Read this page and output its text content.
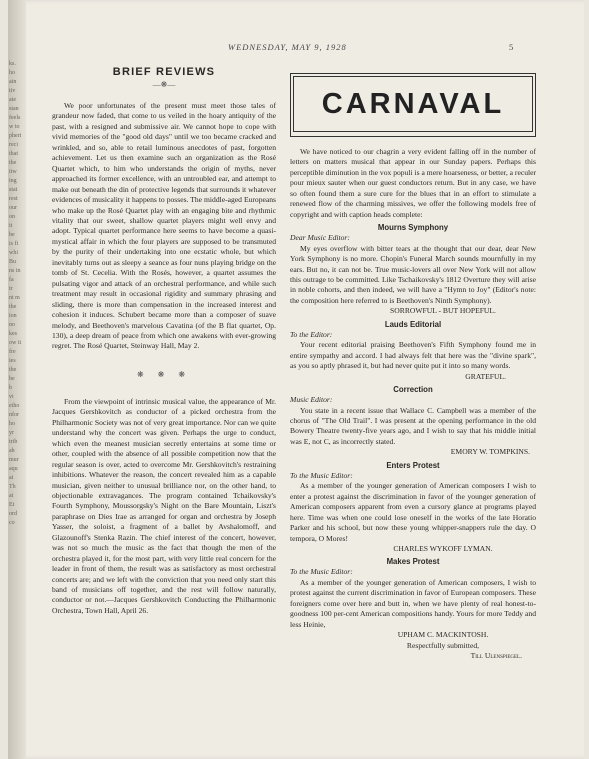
ks.
ho
ain
tiv
ate
stan
feels
w to
pheri
reci
that
the
itw
ing
stat
rest
our
on
it
be
is fi
whi
Bu
ns in
fa
ir
nt m
the
ion
no
kes
ow it
fre
ies
the
be
b
vi
etho
nfor
ho
yr
trib
ah
mur
aqu
at
Th
at
Et
ord
co
WEDNESDAY, MAY 9, 1928	5
BRIEF REVIEWS
—❋—

We poor unfortunates of the present must meet those tales of grandeur now faded, that come to us veiled in the hoary antiquity of the past, with a resigned and submissive air. We cannot hope to cope with vivid memories of the "good old days" until we too became cracked and wrinkled, and so, able to retail luminous anecdotes of past, forgotten achievement. Let us then examine such an organization as the Rosé Quartet which, to him who understands the origin of myths, never approached its former excellence, with an untroubled ear, and attempt to make out beneath the din of protective legends that surrounds it whatever evidences of musicality it happens to posses. The middle-aged Europeans who make up the Rosé Quartet play with an engaging bite and rhythmic vitality that our sweet, shallow quartet players might well envy and adopt. Typical quartet performance here seems to have become a quasi-mystical affair in which the four players are supposed to be transmuted by the purity of their undertaking into one ecstatic whole, but which inevitably turns out as sleepy a seance as four nuns playing bridge on the tomb of St. Cecelia. With the Rosés, however, a quartet assumes the pulsating vigor and attack of an orchestral performance, and while such treatment may result in occasional rigidity and summary phrasing and sliding, there is more than compensation in the increased interest and cohesion it induces. Schubert became more than a composer of suave melody, and Beethoven's marvelous Cavatina (of the B flat quartet, Op. 130), a deep dream of peace from which one awakens with ever-growing regret. The Rosé Quartet, Steinway Hall, May 2.

❋ ❋ ❋

From the viewpoint of intrinsic musical value, the appearance of Mr. Jacques Gershkovitch as conductor of a picked orchestra from the Philharmonic Society was not of very great importance. Nor can we quite understand why the concert was given. Perhaps the urge to conduct, which even the meanest musician secretly entertains at some time or other, coupled with the absence of all possible competition now that the regular season is over, acted to overcome Mr. Gershkovitch's restraining inhibitions. Whatever the reason, the concert revealed him as a capable musician, given neither to unusual brilliance nor, on the other hand, to objectionable extravagances. The program contained Tchaikovsky's Fourth Symphony, Moussorgsky's Night on the Bare Mountain, Liszt's paraphrase on Dies Irae as arranged for organ and orchestra by Joseph Yasser, the soloist, a fragment of a ballet by Avshalomoff, and Glazounoff's Stenka Razin. The chief interest of the concert, however, was not so much the music as the fact that though the men of the orchestra played it, for the most part, with very little real concern for the leader in front of them, the result was as satisfactory as most orchestral concerts are; and we left with the conviction that you need only start this band of musicians off together, and the rest will follow naturally, conductor or not.—Jacques Gershkovitch Conducting the Philharmonic Orchestra, Town Hall, April 26.

CARNAVAL

We have noticed to our chagrin a very evident falling off in the number of letters on matters musical that appear in our Sunday papers. Perhaps this perceptible diminution in the vox populi is a mere hoarseness, or better, a reculer pour mieux sauter when our guest conductors return. But in any case, we have so often found them a sure cure for the blues that in an effort to stimulate a renewed flow of the charming missives, we offer the following models free of copyright and with caption heads complete:

Mourns Symphony

Dear Music Editor:

My eyes overflow with bitter tears at the thought that our dear, dear New York Symphony is no more. Chopin's Funeral March sounds mournfully in my ears. But no, it can not be. True music-lovers all over New York will not allow this outrage to be committed. Like Tschaikovsky's 1812 Overture they will arise in noble cohorts, and then indeed, we will have a "Hymn to Joy" (Editor's note: the composition here referred to is Beethoven's Ninth Symphony).

SORROWFUL - BUT HOPEFUL.

Lauds Editorial

To the Editor:

Your recent editorial praising Beethoven's Fifth Symphony found me in entire sympathy and accord. I had always felt that here was the "divine spark", as you so aptly phrased it, but had never quite put it into so many words.

GRATEFUL.

Correction

Music Editor:

You state in a recent issue that Wallace C. Campbell was a member of the chorus of "The Old Trail". I was present at the opening performance in the old Bowery Theatre twenty-five years ago, and I wish to say that his middle initial was E, not C, as incorrectly stated.

EMORY W. TOMPKINS.

Enters Protest

To the Music Editor:

As a member of the younger generation of American composers I wish to enter a protest against the discrimination in favor of the younger generation of American composers apparent from even a cursory glance at programs played here. Time was when one could lose oneself in the works of the late Horatio Parker and his school, but now these young whipper-snappers rule the day. O tempora, O Mores!

CHARLES WYKOFF LYMAN.

Makes Protest

To the Music Editor:

As a member of the younger generation of American composers, I wish to protest against the current discrimination in favor of European composers. These foreigners come over here and butt in, when we have plenty of real honest-to-goodness 100 per-cent American compositions handy. Yours for more Teddy and less Heinie,

UPHAM C. MACKINTOSH.

Respectfully submitted,

Till Ulenspiegel.
